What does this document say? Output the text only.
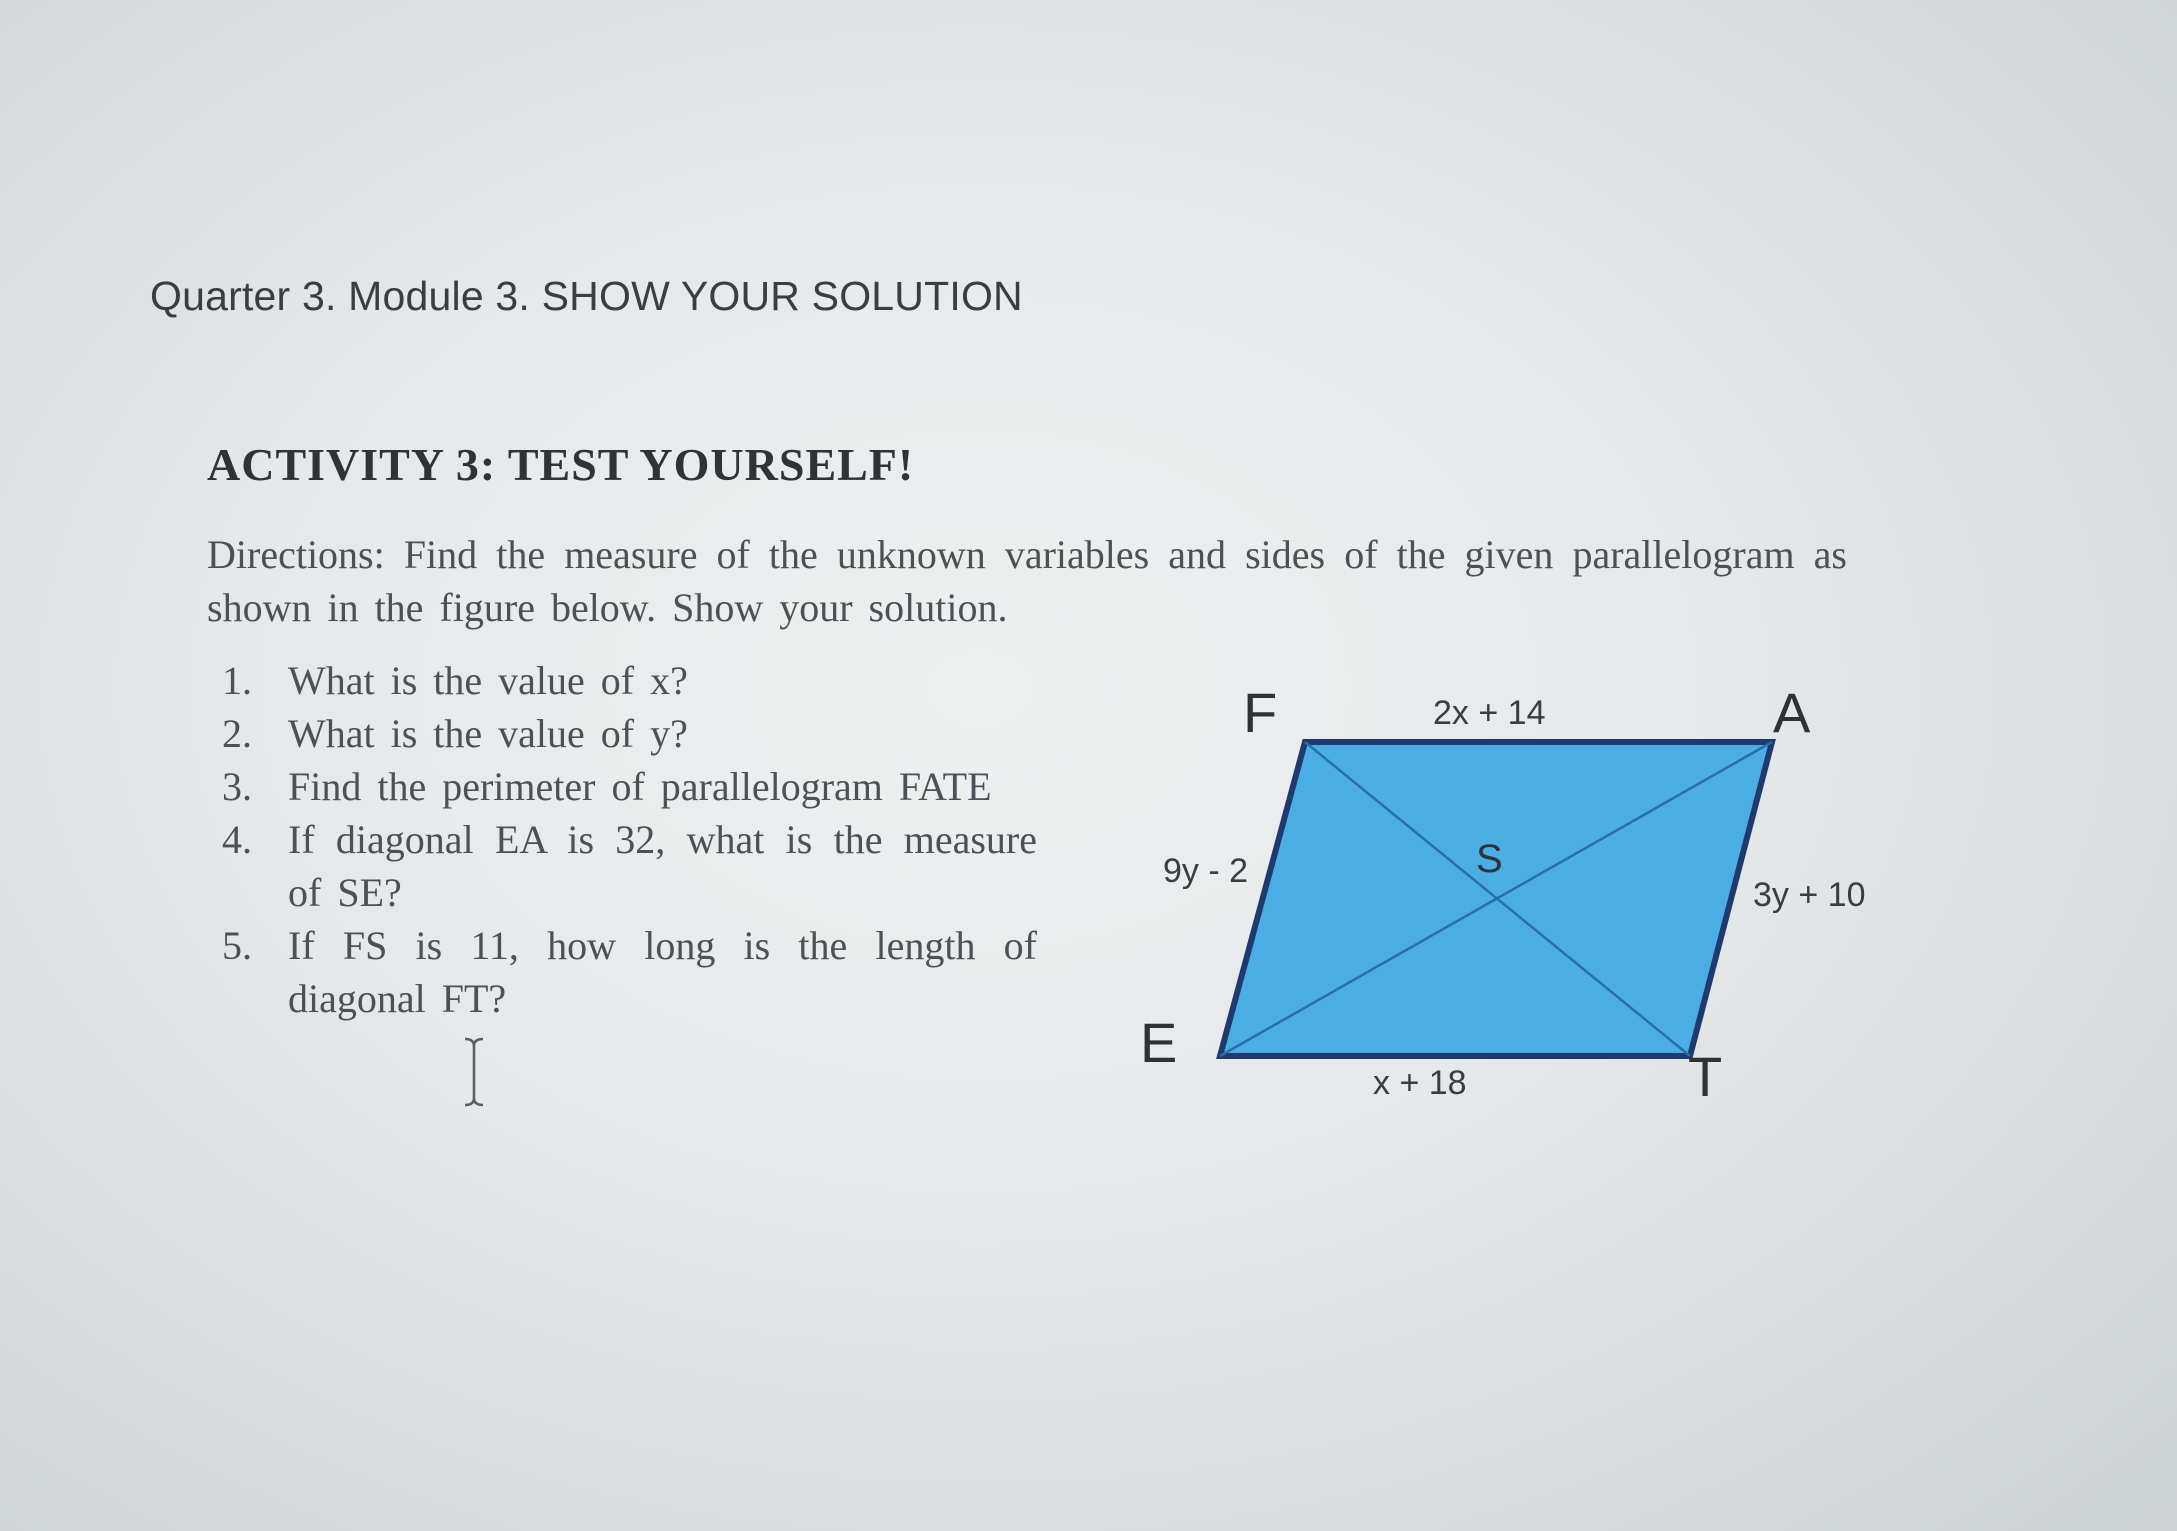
Quarter 3. Module 3. SHOW YOUR SOLUTION
ACTIVITY 3: TEST YOURSELF!
Directions: Find the measure of the unknown variables and sides of the given parallelogram as shown in the figure below. Show your solution.
1. What is the value of x?
2. What is the value of y?
3. Find the perimeter of parallelogram FATE
4. If diagonal EA is 32, what is the measure of SE?
5. If FS is 11, how long is the length of diagonal FT?
F	A
E
T
S
2x + 14
x + 18
9y - 2
3y + 10
